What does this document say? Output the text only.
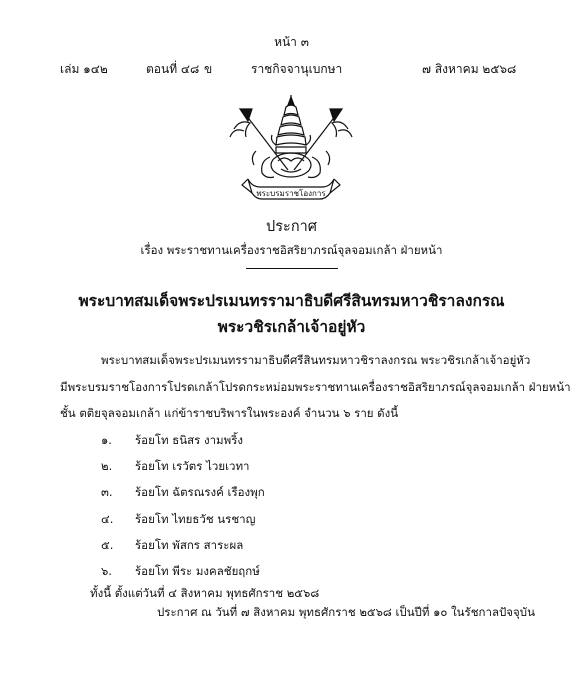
หน้า ๓
เล่ม ๑๔๒	ตอนที่ ๔๘ ข	ราชกิจจานุเบกษา	๗ สิงหาคม ๒๕๖๘
พระบรมราชโองการ
ประกาศ
เรื่อง พระราชทานเครื่องราชอิสริยาภรณ์จุลจอมเกล้า ฝ่ายหน้า
พระบาทสมเด็จพระปรเมนทรรามาธิบดีศรีสินทรมหาวชิราลงกรณ
พระวชิรเกล้าเจ้าอยู่หัว
พระบาทสมเด็จพระปรเมนทรรามาธิบดีศรีสินทรมหาวชิราลงกรณ พระวชิรเกล้าเจ้าอยู่หัว
มีพระบรมราชโองการโปรดเกล้าโปรดกระหม่อมพระราชทานเครื่องราชอิสริยาภรณ์จุลจอมเกล้า ฝ่ายหน้า
ชั้น ตติยจุลจอมเกล้า แก่ข้าราชบริพารในพระองค์ จำนวน ๖ ราย ดังนี้
๑. ร้อยโท ธนิสร งามพริ้ง
๒. ร้อยโท เรวัตร ไวยเวทา
๓. ร้อยโท ฉัตรณรงค์ เรืองพุก
๔. ร้อยโท ไทยธวัช นรชาญ
๕. ร้อยโท พัสกร สาระผล
๖. ร้อยโท พีระ มงคลชัยฤกษ์
ทั้งนี้ ตั้งแต่วันที่ ๔ สิงหาคม พุทธศักราช ๒๕๖๘
ประกาศ ณ วันที่ ๗ สิงหาคม พุทธศักราช ๒๕๖๘ เป็นปีที่ ๑๐ ในรัชกาลปัจจุบัน
